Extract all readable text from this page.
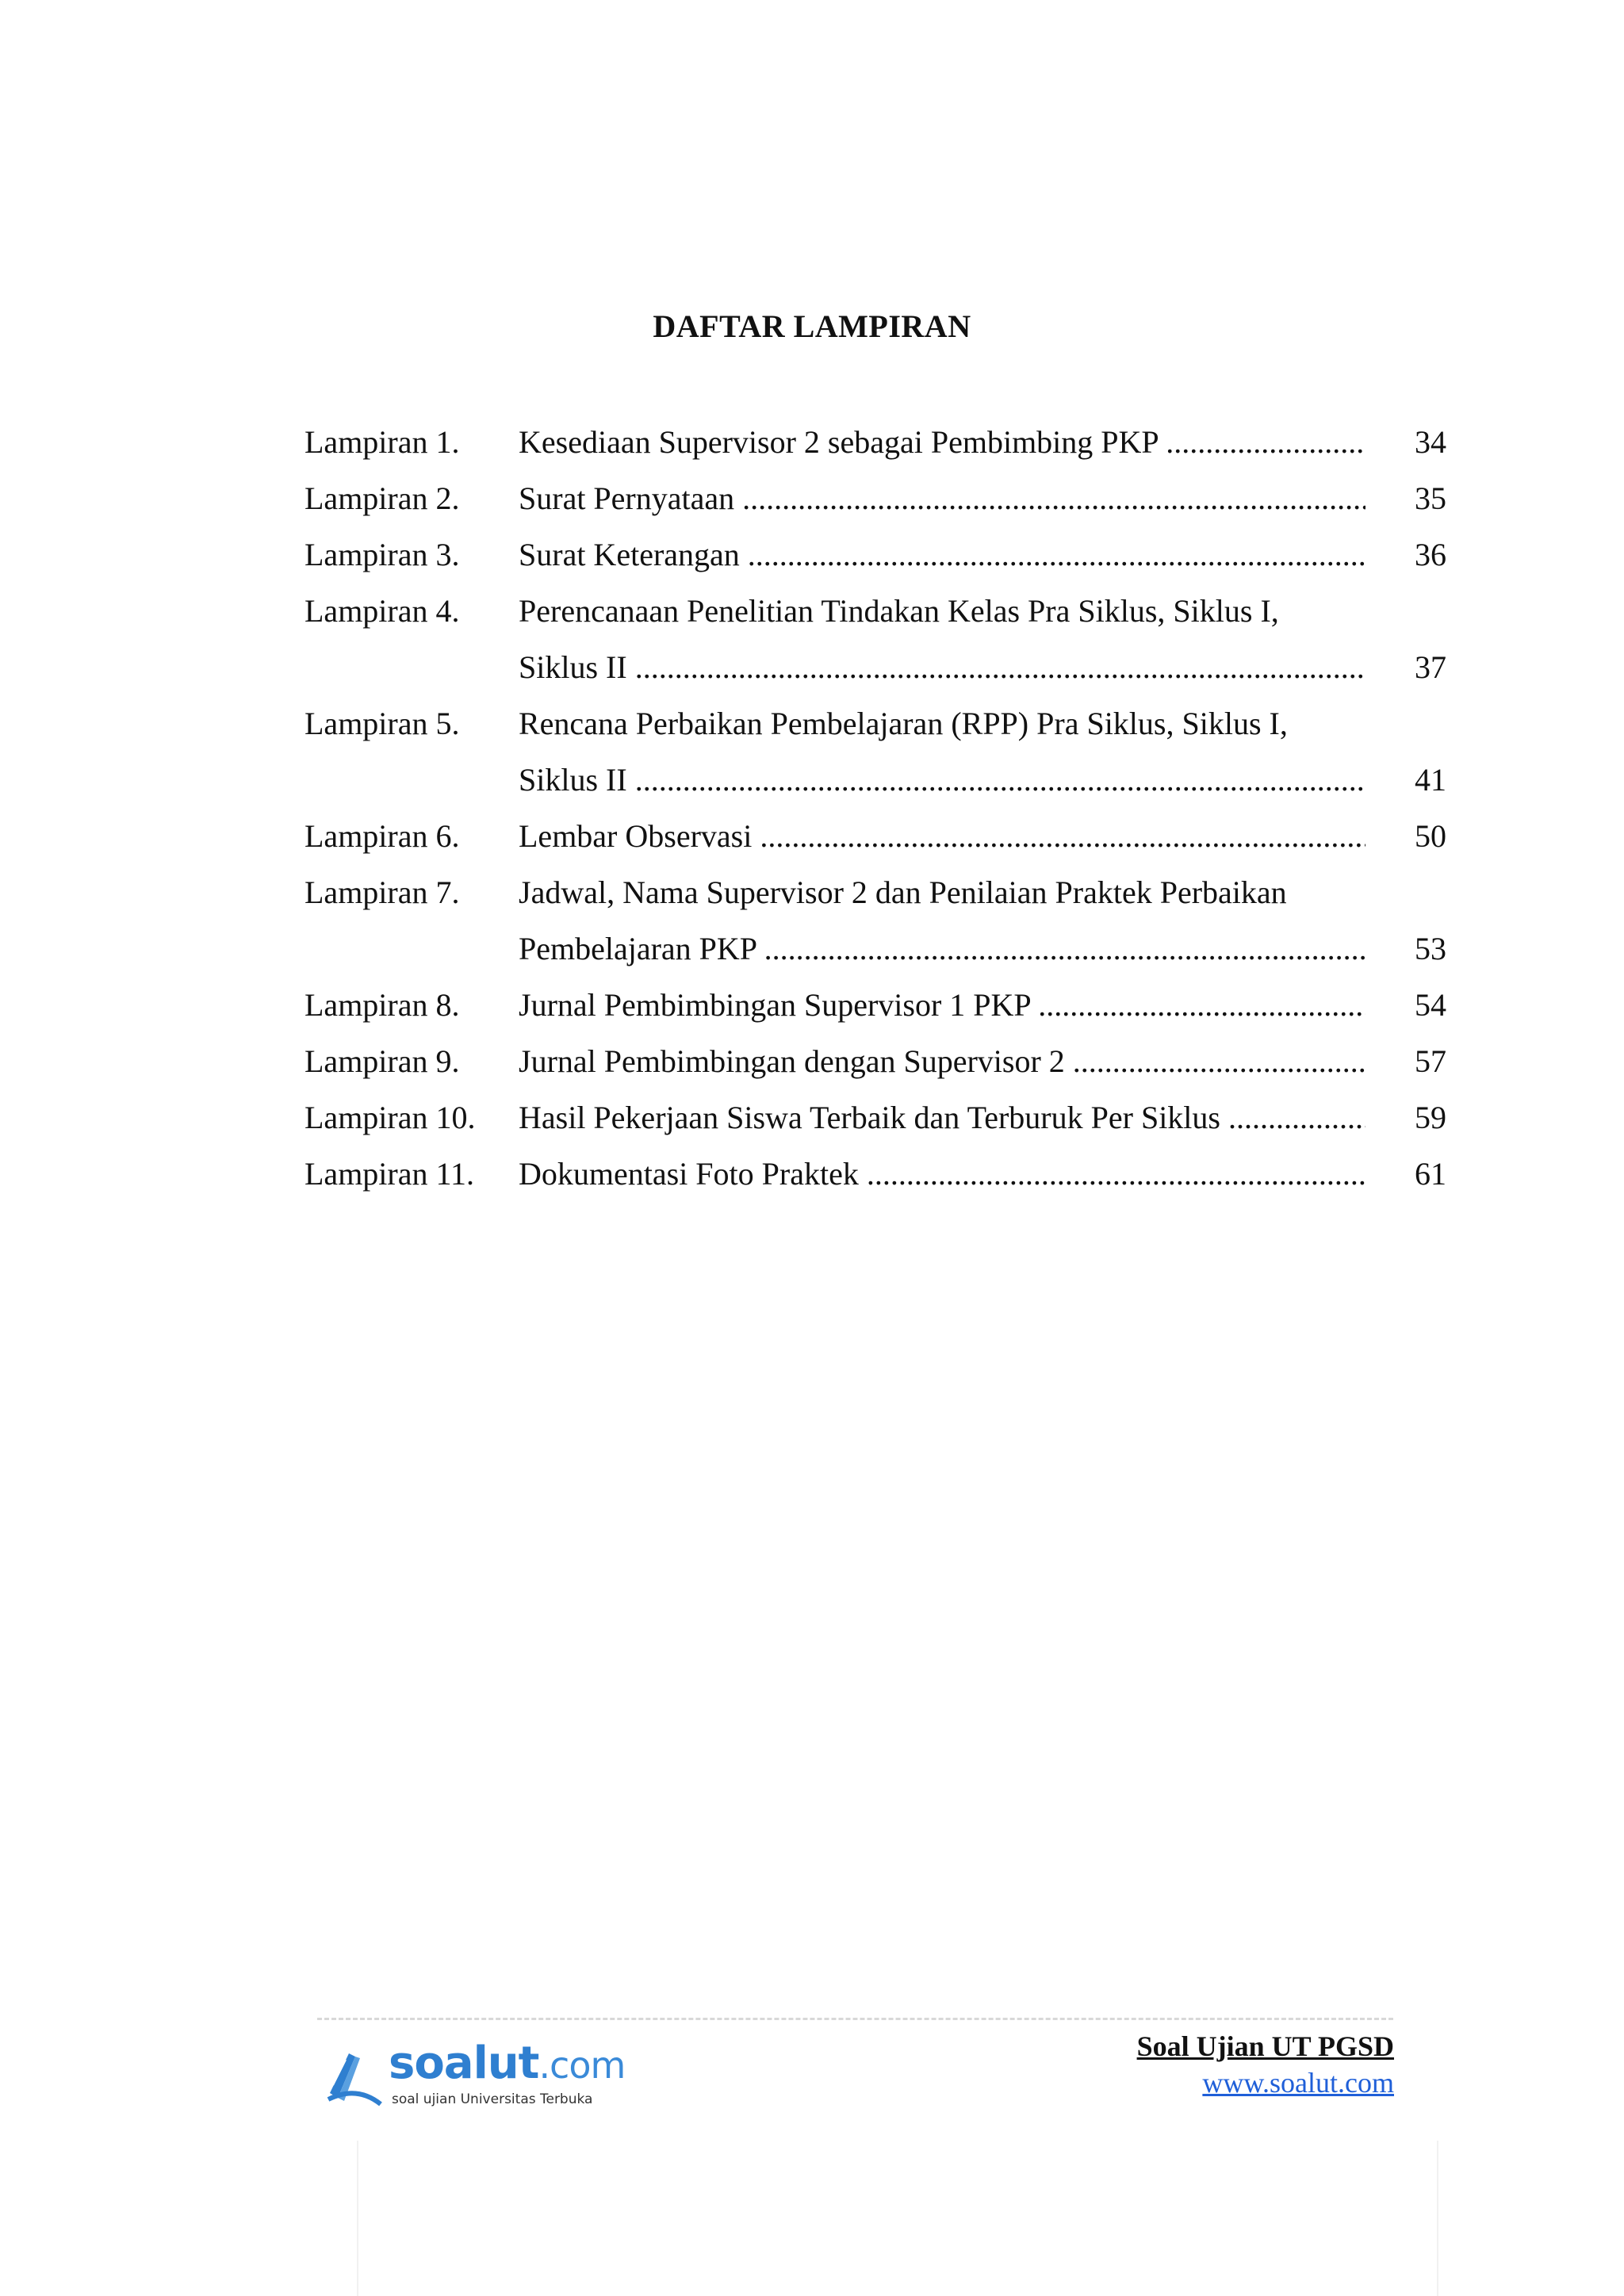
DAFTAR LAMPIRAN
Lampiran 1. Kesediaan Supervisor 2 sebagai Pembimbing PKP .....	34
Lampiran 2. Surat Pernyataan .....	35
Lampiran 3. Surat Keterangan .....	36
Lampiran 4. Perencanaan Penelitian Tindakan Kelas Pra Siklus, Siklus I,
Siklus II .....	37
Lampiran 5. Rencana Perbaikan Pembelajaran (RPP) Pra Siklus, Siklus I,
Siklus II .....	41
Lampiran 6. Lembar Observasi .....	50
Lampiran 7. Jadwal, Nama Supervisor 2 dan Penilaian Praktek Perbaikan
Pembelajaran PKP .....	53
Lampiran 8. Jurnal Pembimbingan Supervisor 1 PKP .....	54
Lampiran 9. Jurnal Pembimbingan dengan Supervisor 2 .....	57
Lampiran 10. Hasil Pekerjaan Siswa Terbaik dan Terburuk Per Siklus .....	59
Lampiran 11. Dokumentasi Foto Praktek .....	61
soalut.com
soal ujian Universitas Terbuka
Soal Ujian UT PGSD
www.soalut.com
